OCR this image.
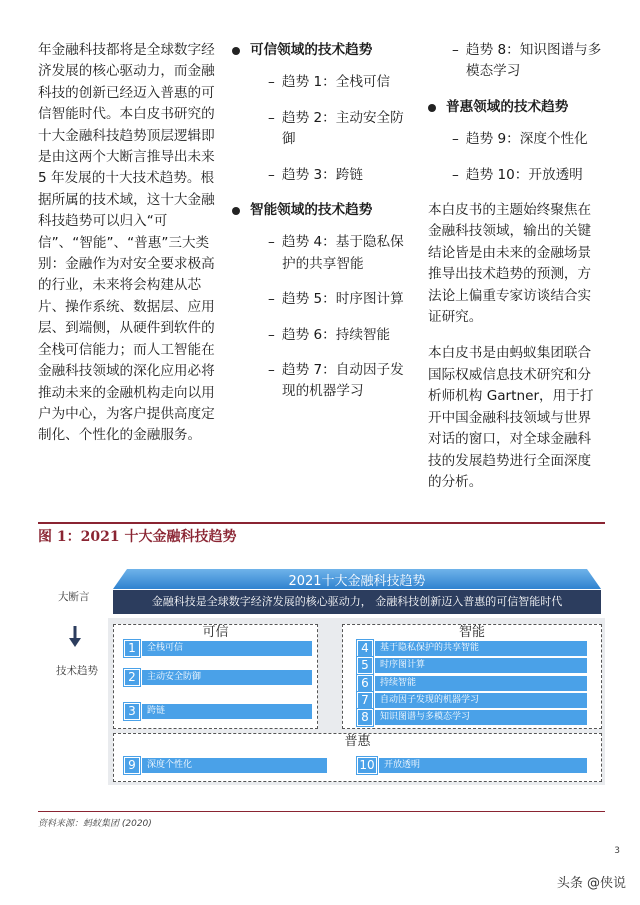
年金融科技都将是全球数字经济发展的核心驱动力，而金融科技的创新已经迈入普惠的可信智能时代。本白皮书研究的十大金融科技趋势顶层逻辑即是由这两个大断言推导出未来 5 年发展的十大技术趋势。根据所属的技术域，这十大金融科技趋势可以归入“可信”、“智能”、“普惠”三大类别：金融作为对安全要求极高的行业，未来将会构建从芯片、操作系统、数据层、应用层、到端侧，从硬件到软件的全栈可信能力；而人工智能在金融科技领域的深化应用必将推动未来的金融机构走向以用户为中心，为客户提供高度定制化、个性化的金融服务。

可信领域的技术趋势
– 趋势 1：全栈可信
– 趋势 2：主动安全防御
– 趋势 3：跨链
智能领域的技术趋势
– 趋势 4：基于隐私保护的共享智能
– 趋势 5：时序图计算
– 趋势 6：持续智能
– 趋势 7：自动因子发现的机器学习
– 趋势 8：知识图谱与多模态学习
普惠领域的技术趋势
– 趋势 9：深度个性化
– 趋势 10：开放透明

本白皮书的主题始终聚焦在金融科技领域，输出的关键结论皆是由未来的金融场景推导出技术趋势的预测，方法论上偏重专家访谈结合实证研究。

本白皮书是由蚂蚁集团联合国际权威信息技术研究和分析师机构 Gartner，用于打开中国金融科技领域与世界对话的窗口，对全球金融科技的发展趋势进行全面深度的分析。

图 1：2021 十大金融科技趋势
2021十大金融科技趋势
大断言	金融科技是全球数字经济发展的核心驱动力， 金融科技创新迈入普惠的可信智能时代
技术趋势
可信	智能
普惠
1	全栈可信
2	主动安全防御
3	跨链
4	基于隐私保护的共享智能
5	时序图计算
6	持续智能
7	自动因子发现的机器学习
8	知识图谱与多模态学习
9	深度个性化	10	开放透明
资料来源：蚂蚁集团 (2020)
3
头条 @侠说
